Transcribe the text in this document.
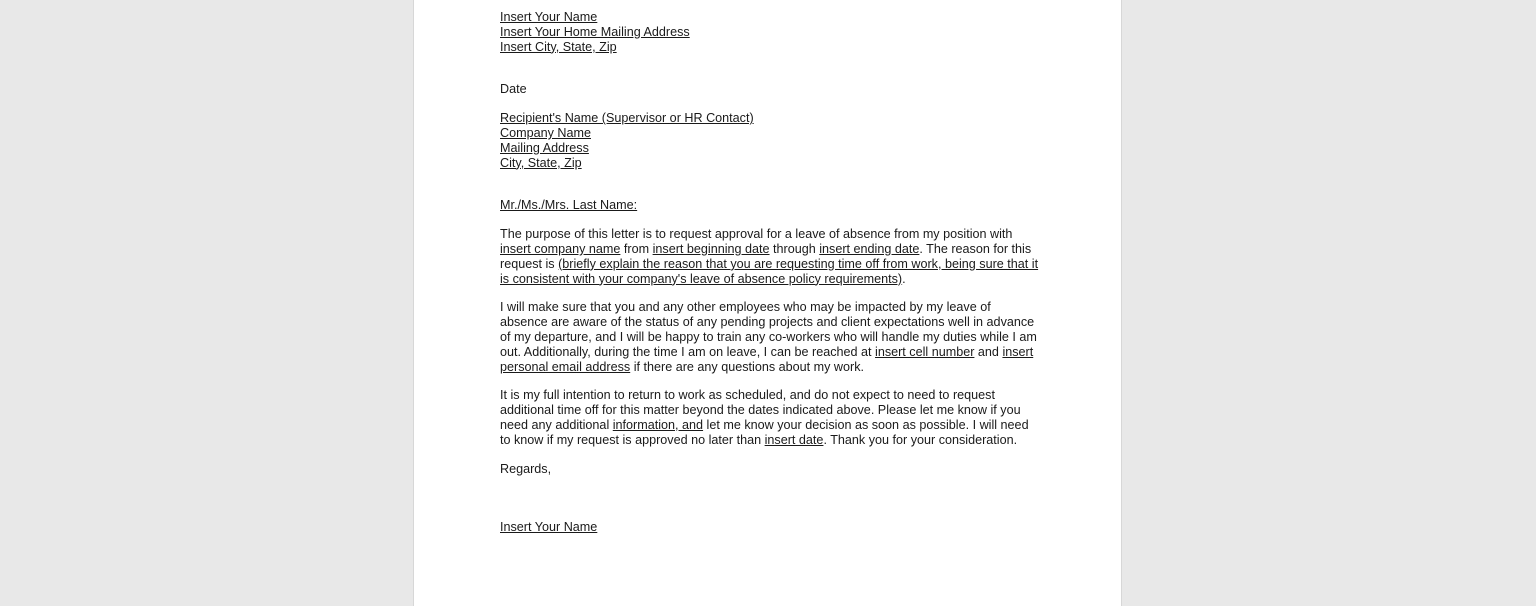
Insert Your Name
Insert Your Home Mailing Address
Insert City, State, Zip
Date
Recipient's Name (Supervisor or HR Contact)
Company Name
Mailing Address
City, State, Zip
Mr./Ms./Mrs. Last Name:

The purpose of this letter is to request approval for a leave of absence from my position with insert company name from insert beginning date through insert ending date. The reason for this request is (briefly explain the reason that you are requesting time off from work, being sure that it is consistent with your company's leave of absence policy requirements).

I will make sure that you and any other employees who may be impacted by my leave of absence are aware of the status of any pending projects and client expectations well in advance of my departure, and I will be happy to train any co-workers who will handle my duties while I am out. Additionally, during the time I am on leave, I can be reached at insert cell number and insert personal email address if there are any questions about my work.

It is my full intention to return to work as scheduled, and do not expect to need to request additional time off for this matter beyond the dates indicated above. Please let me know if you need any additional information, and let me know your decision as soon as possible. I will need to know if my request is approved no later than insert date. Thank you for your consideration.

Regards,
Insert Your Name
